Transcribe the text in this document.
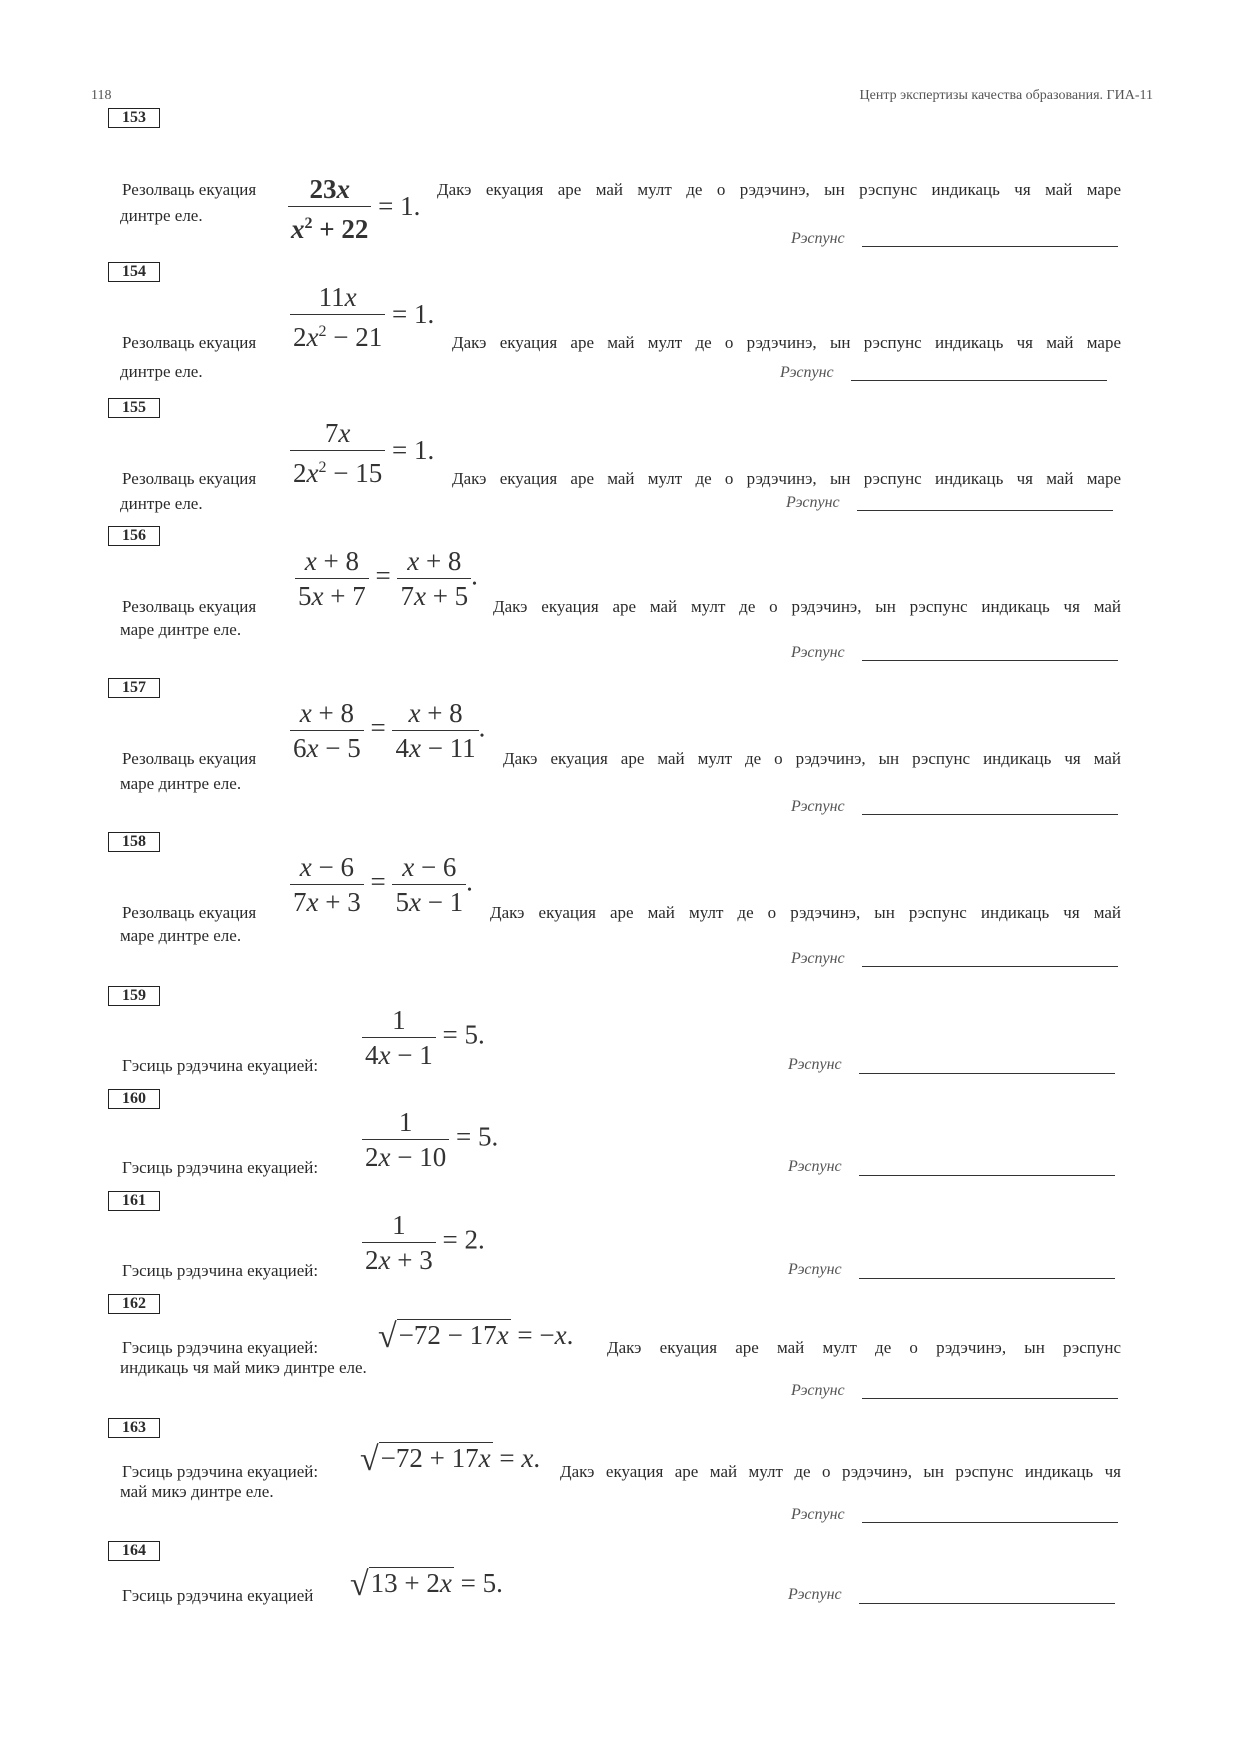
118	Центр экспертизы качества образования. ГИА-11
153
Резолваць екуация $\frac{23x}{x^2 + 22} = 1$.
Дакэ екуация аре май мулт де о рэдэчинэ, ын рэспунс индикаць чя май маре
динтре еле.
Рэспунс
154
Резолваць екуация $\frac{11x}{2x^2 - 21} = 1$.
Дакэ екуация аре май мулт де о рэдэчинэ, ын рэспунс индикаць чя май маре
динтре еле.	Рэспунс
155
Резолваць екуация $\frac{7x}{2x^2 - 15} = 1$.
Дакэ екуация аре май мулт де о рэдэчинэ, ын рэспунс индикаць чя май маре
динтре еле.	Рэспунс
156
Резолваць екуация $\frac{x + 8}{5x + 7} = \frac{x + 8}{7x + 5}$ .
Дакэ екуация аре май мулт де о рэдэчинэ, ын рэспунс индикаць чя май
маре динтре еле.
Рэспунс
157
Резолваць екуация $\frac{x + 8}{6x - 5} = \frac{x + 8}{4x - 11}$ .
Дакэ екуация аре май мулт де о рэдэчинэ, ын рэспунс индикаць чя май
маре динтре еле.
Рэспунс
158
Резолваць екуация $\frac{x - 6}{7x + 3} = \frac{x - 6}{5x - 1}$ .
Дакэ екуация аре май мулт де о рэдэчинэ, ын рэспунс индикаць чя май
маре динтре еле.
Рэспунс
159
Гэсиць рэдэчина екуацией: $\frac{1}{4x - 1} = 5$.
Рэспунс
160
Гэсиць рэдэчина екуацией: $\frac{1}{2x - 10} = 5$.
Рэспунс
161
Гэсиць рэдэчина екуацией: $\frac{1}{2x + 3} = 2$.
Рэспунс
162
Гэсиць рэдэчина екуацией: √−72 − 17x = −x. Дакэ екуация аре май мулт де о рэдэчинэ, ын рэспунс
индикаць чя май микэ динтре еле.
Рэспунс
163
Гэсиць рэдэчина екуацией: √−72 + 17x = x. Дакэ екуация аре май мулт де о рэдэчинэ, ын рэспунс индикаць чя
май микэ динтре еле.
Рэспунс
164
Гэсиць рэдэчина екуацией √13 + 2x = 5.	Рэспунс
